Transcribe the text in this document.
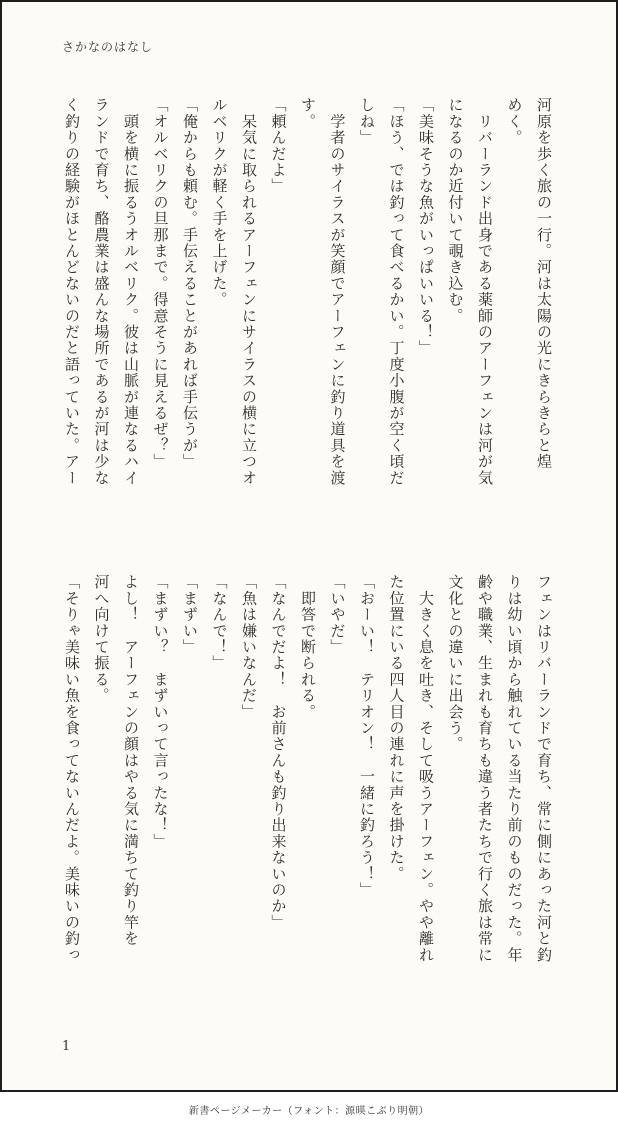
さかなのはなし
河原を歩く旅の一行。河は太陽の光にきらきらと煌
めく。
　リバーランド出身である薬師のアーフェンは河が気
になるのか近付いて覗き込む。
「美味そうな魚がいっぱいいる！」
「ほう、では釣って食べるかい。丁度小腹が空く頃だ
しね」
　学者のサイラスが笑顔でアーフェンに釣り道具を渡
す。
「頼んだよ」
　呆気に取られるアーフェンにサイラスの横に立つオ
ルベリクが軽く手を上げた。
「俺からも頼む。手伝えることがあれば手伝うが」
「オルベリクの旦那まで。得意そうに見えるぜ？」
　頭を横に振るうオルベリク。彼は山脈が連なるハイ
ランドで育ち、酪農業は盛んな場所であるが河は少な
く釣りの経験がほとんどないのだと語っていた。アー
フェンはリバーランドで育ち、常に側にあった河と釣
りは幼い頃から触れている当たり前のものだった。年
齢や職業、生まれも育ちも違う者たちで行く旅は常に
文化との違いに出会う。
　大きく息を吐き、そして吸うアーフェン。やや離れ
た位置にいる四人目の連れに声を掛けた。
「おーい！　テリオン！　一緒に釣ろう！」
「いやだ」
　即答で断られる。
「なんでだよ！　お前さんも釣り出来ないのか」
「魚は嫌いなんだ」
「なんで！」
「まずい」
「まずい？　まずいって言ったな！」
よし！　アーフェンの顔はやる気に満ちて釣り竿を
河へ向けて振る。
「そりゃ美味い魚を食ってないんだよ。美味いの釣っ
1
新書ページメーカー（フォント：源暎こぶり明朝）
